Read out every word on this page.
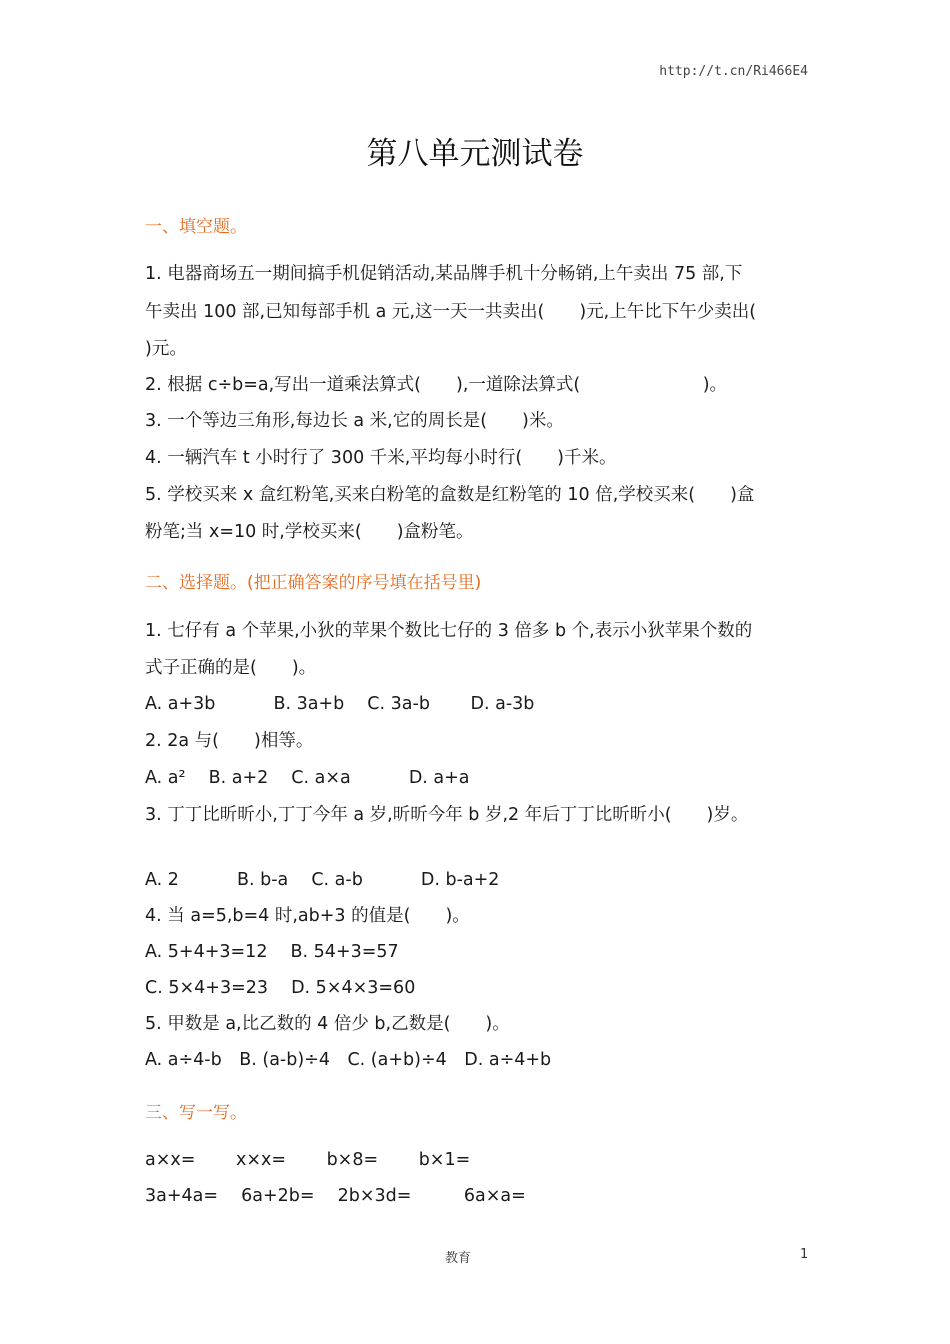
http://t.cn/Ri466E4
第八单元测试卷
一、填空题。
1. 电器商场五一期间搞手机促销活动,某品牌手机十分畅销,上午卖出 75 部,下
午卖出 100 部,已知每部手机 a 元,这一天一共卖出(　　)元,上午比下午少卖出(
)元。
2. 根据 c÷b=a,写出一道乘法算式(　　),一道除法算式(　　　　　　　)。
3. 一个等边三角形,每边长 a 米,它的周长是(　　)米。
4. 一辆汽车 t 小时行了 300 千米,平均每小时行(　　)千米。
5. 学校买来 x 盒红粉笔,买来白粉笔的盒数是红粉笔的 10 倍,学校买来(　　)盒
粉笔;当 x=10 时,学校买来(　　)盒粉笔。
二、选择题。(把正确答案的序号填在括号里)
1. 七仔有 a 个苹果,小狄的苹果个数比七仔的 3 倍多 b 个,表示小狄苹果个数的
式子正确的是(　　)。
A. a+3b　　　 B. 3a+b　 C. 3a-b　　 D. a-3b
2. 2a 与(　　)相等。
A. a²　 B. a+2　 C. a×a　　　 D. a+a
3. 丁丁比昕昕小,丁丁今年 a 岁,昕昕今年 b 岁,2 年后丁丁比昕昕小(　　)岁。
A. 2　　　 B. b-a　 C. a-b　　　 D. b-a+2
4. 当 a=5,b=4 时,ab+3 的值是(　　)。
A. 5+4+3=12　 B. 54+3=57
C. 5×4+3=23　 D. 5×4×3=60
5. 甲数是 a,比乙数的 4 倍少 b,乙数是(　　)。
A. a÷4-b　B. (a-b)÷4　C. (a+b)÷4　D. a÷4+b
三、写一写。
a×x=　　 x×x=　　 b×8=　　 b×1=
3a+4a=　 6a+2b=　 2b×3d=　　　6a×a=
教育	1
